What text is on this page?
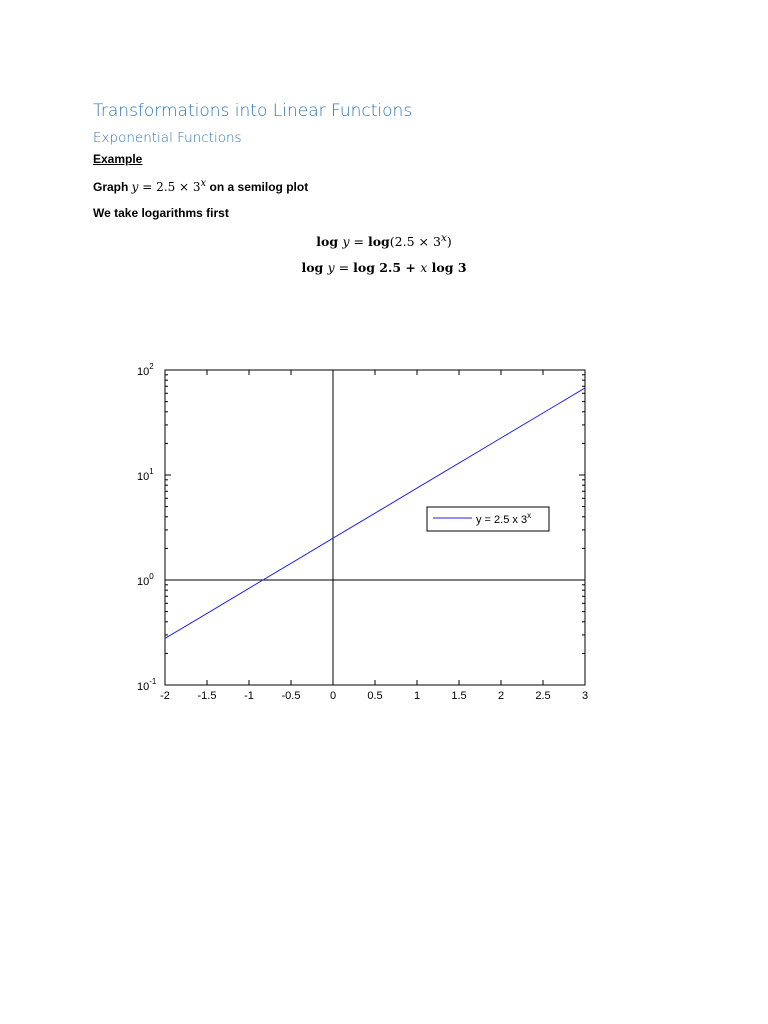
Transformations into Linear Functions
Exponential Functions
Example
Graph $y = 2.5 \times 3^x$ on a semilog plot
We take logarithms first
$\log y = \log(2.5 \times 3^x)$
log y = log 2.5 + x log 3
-2	-1.5	-1	-0.5	0	0.5	1	1.5	2	2.5	3
$10^{-1}$
$10^0$
$10^1$
$10^2$
y = 2.5 x 3$^x$
